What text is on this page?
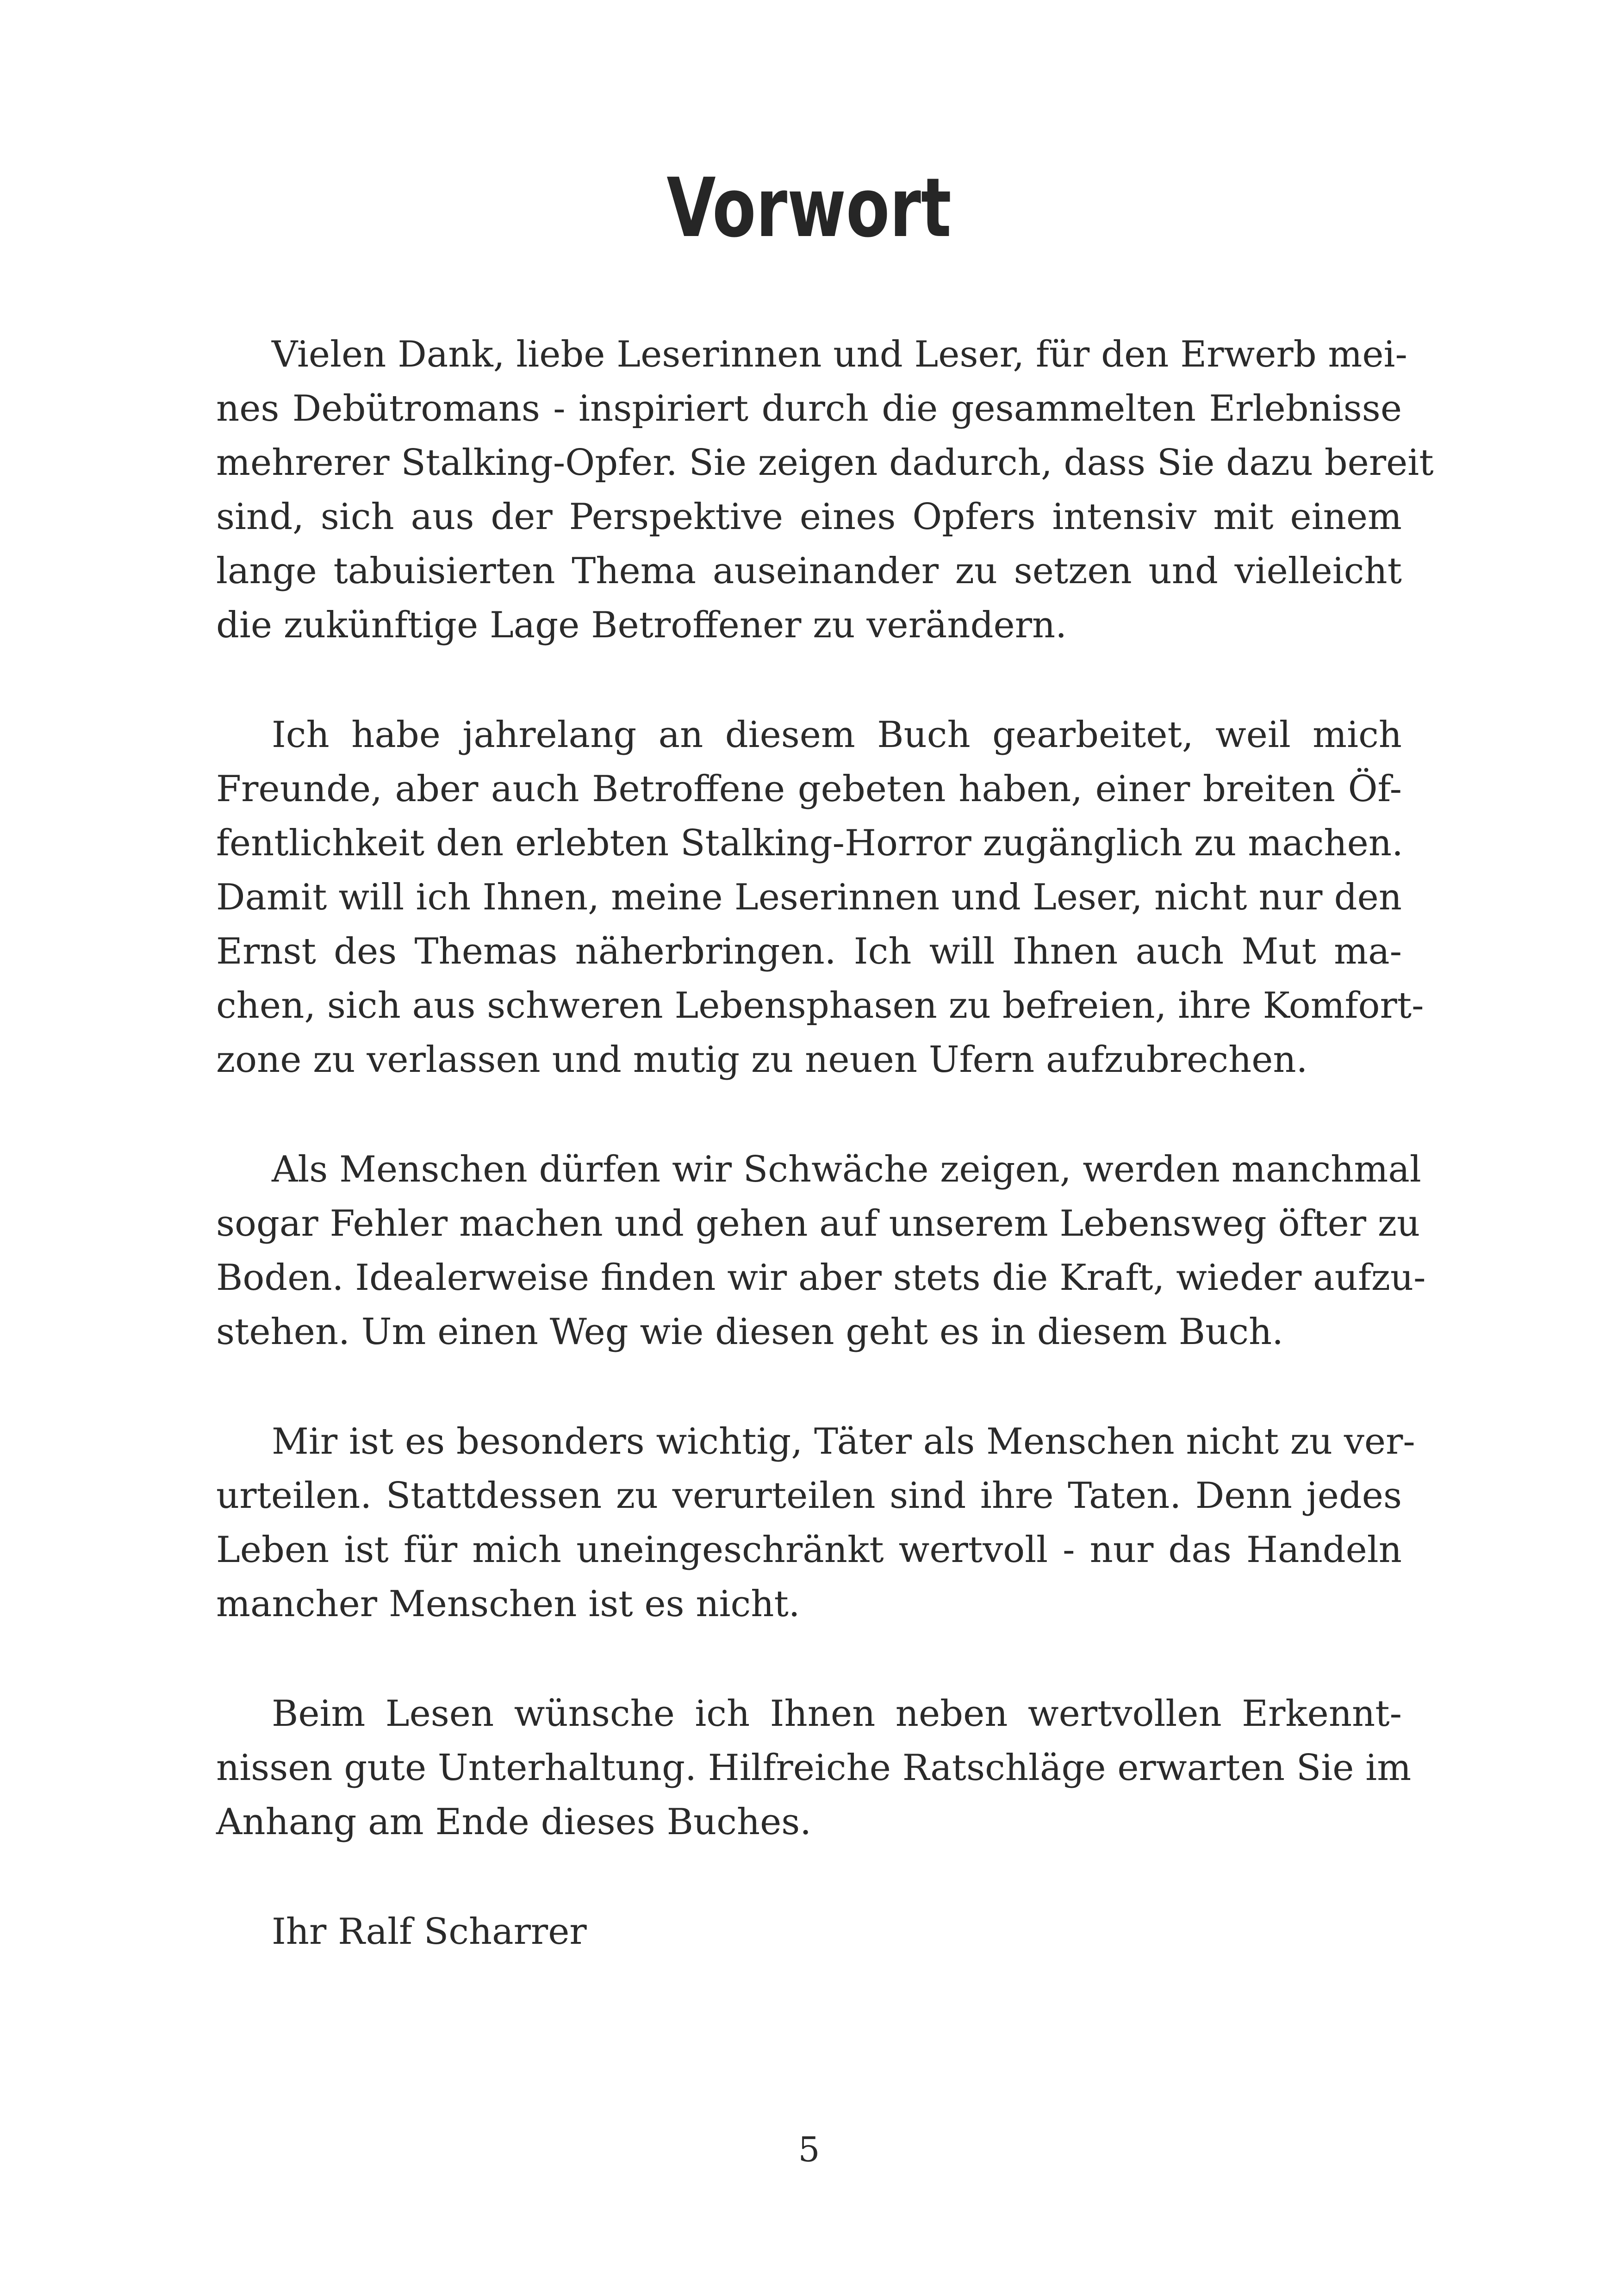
Vorwort

Vielen Dank, liebe Leserinnen und Leser, für den Erwerb mei-
nes Debütromans - inspiriert durch die gesammelten Erlebnisse
mehrerer Stalking-Opfer. Sie zeigen dadurch, dass Sie dazu bereit
sind, sich aus der Perspektive eines Opfers intensiv mit einem
lange tabuisierten Thema auseinander zu setzen und vielleicht
die zukünftige Lage Betroffener zu verändern.

Ich habe jahrelang an diesem Buch gearbeitet, weil mich
Freunde, aber auch Betroffene gebeten haben, einer breiten Öf-
fentlichkeit den erlebten Stalking-Horror zugänglich zu machen.
Damit will ich Ihnen, meine Leserinnen und Leser, nicht nur den
Ernst des Themas näherbringen. Ich will Ihnen auch Mut ma-
chen, sich aus schweren Lebensphasen zu befreien, ihre Komfort-
zone zu verlassen und mutig zu neuen Ufern aufzubrechen.

Als Menschen dürfen wir Schwäche zeigen, werden manchmal
sogar Fehler machen und gehen auf unserem Lebensweg öfter zu
Boden. Idealerweise finden wir aber stets die Kraft, wieder aufzu-
stehen. Um einen Weg wie diesen geht es in diesem Buch.

Mir ist es besonders wichtig, Täter als Menschen nicht zu ver-
urteilen. Stattdessen zu verurteilen sind ihre Taten. Denn jedes
Leben ist für mich uneingeschränkt wertvoll - nur das Handeln
mancher Menschen ist es nicht.

Beim Lesen wünsche ich Ihnen neben wertvollen Erkennt-
nissen gute Unterhaltung. Hilfreiche Ratschläge erwarten Sie im
Anhang am Ende dieses Buches.

Ihr Ralf Scharrer

5
